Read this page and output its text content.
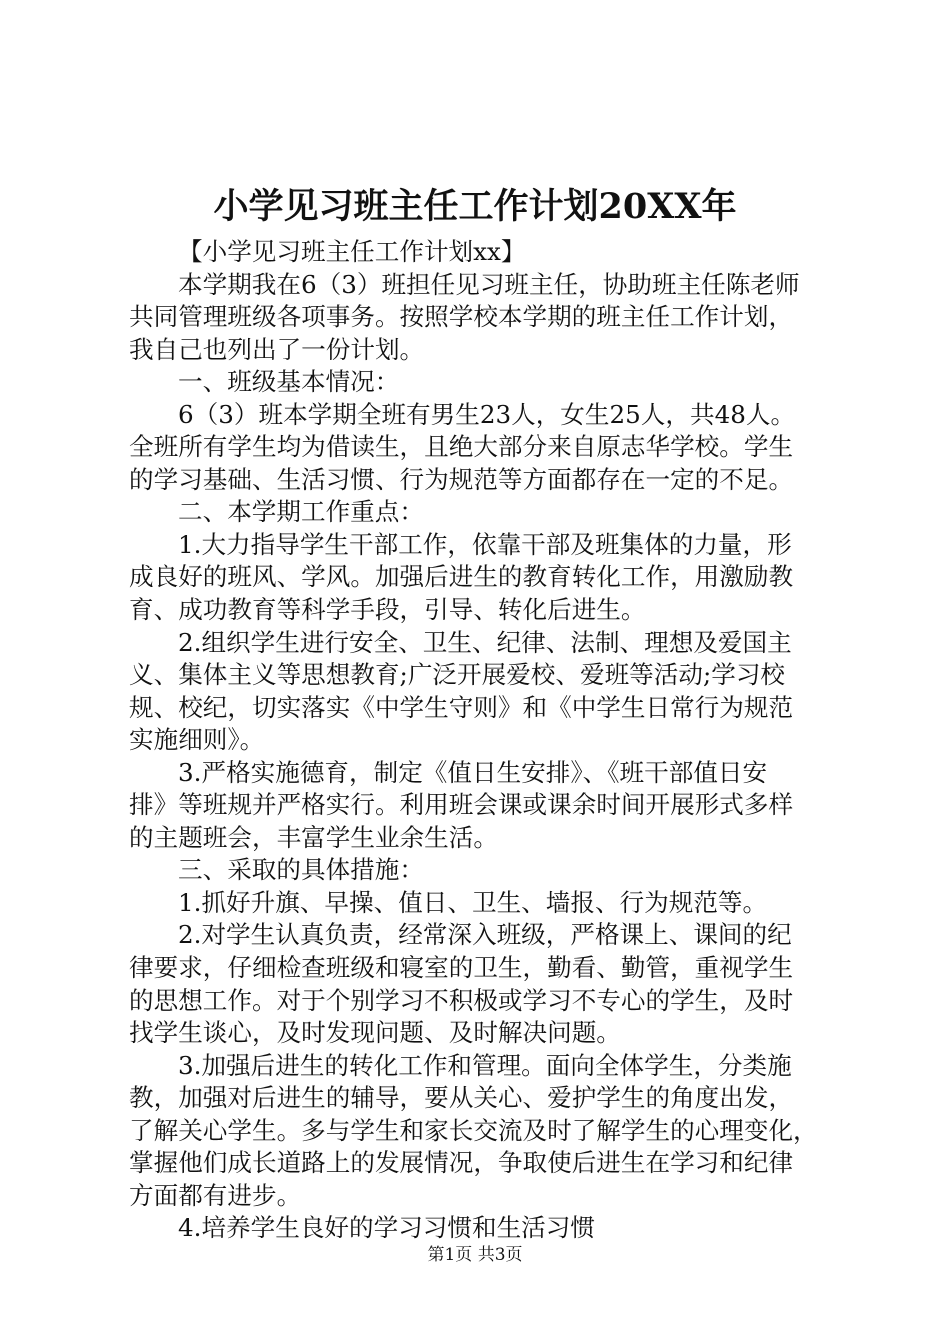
小学见习班主任工作计划20XX年
【小学见习班主任工作计划xx】
本学期我在6（3）班担任见习班主任，协助班主任陈老师
共同管理班级各项事务。按照学校本学期的班主任工作计划，
我自己也列出了一份计划。
一、班级基本情况：
6（3）班本学期全班有男生23人，女生25人，共48人。
全班所有学生均为借读生，且绝大部分来自原志华学校。学生
的学习基础、生活习惯、行为规范等方面都存在一定的不足。
二、本学期工作重点：
1.大力指导学生干部工作，依靠干部及班集体的力量，形
成良好的班风、学风。加强后进生的教育转化工作，用激励教
育、成功教育等科学手段，引导、转化后进生。
2.组织学生进行安全、卫生、纪律、法制、理想及爱国主
义、集体主义等思想教育;广泛开展爱校、爱班等活动;学习校
规、校纪，切实落实《中学生守则》和《中学生日常行为规范
实施细则》。
3.严格实施德育，制定《值日生安排》、《班干部值日安
排》等班规并严格实行。利用班会课或课余时间开展形式多样
的主题班会，丰富学生业余生活。
三、采取的具体措施：
1.抓好升旗、早操、值日、卫生、墙报、行为规范等。
2.对学生认真负责，经常深入班级，严格课上、课间的纪
律要求，仔细检查班级和寝室的卫生，勤看、勤管，重视学生
的思想工作。对于个别学习不积极或学习不专心的学生，及时
找学生谈心，及时发现问题、及时解决问题。
3.加强后进生的转化工作和管理。面向全体学生，分类施
教，加强对后进生的辅导，要从关心、爱护学生的角度出发，
了解关心学生。多与学生和家长交流及时了解学生的心理变化，
掌握他们成长道路上的发展情况，争取使后进生在学习和纪律
方面都有进步。
4.培养学生良好的学习习惯和生活习惯
第1页 共3页
